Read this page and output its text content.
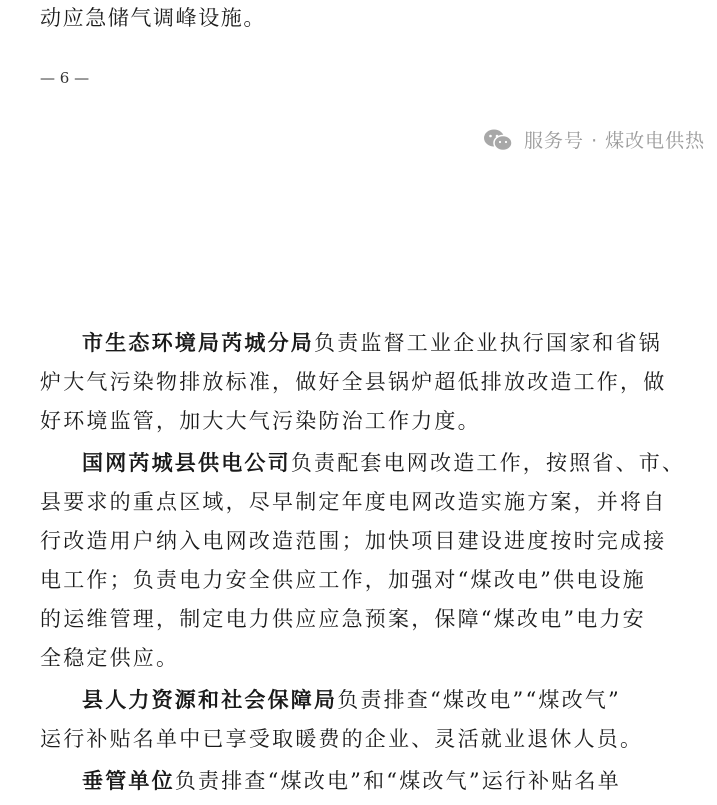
动应急储气调峰设施。
— 6 —
服务号 · 煤改电供热
市生态环境局芮城分局负责监督工业企业执行国家和省锅
炉大气污染物排放标准，做好全县锅炉超低排放改造工作，做
好环境监管，加大大气污染防治工作力度。
国网芮城县供电公司负责配套电网改造工作，按照省、市、
县要求的重点区域，尽早制定年度电网改造实施方案，并将自
行改造用户纳入电网改造范围；加快项目建设进度按时完成接
电工作；负责电力安全供应工作，加强对“煤改电”供电设施
的运维管理，制定电力供应应急预案，保障“煤改电”电力安
全稳定供应。
县人力资源和社会保障局负责排查“煤改电”“煤改气”
运行补贴名单中已享受取暖费的企业、灵活就业退休人员。
垂管单位负责排查“煤改电”和“煤改气”运行补贴名单
